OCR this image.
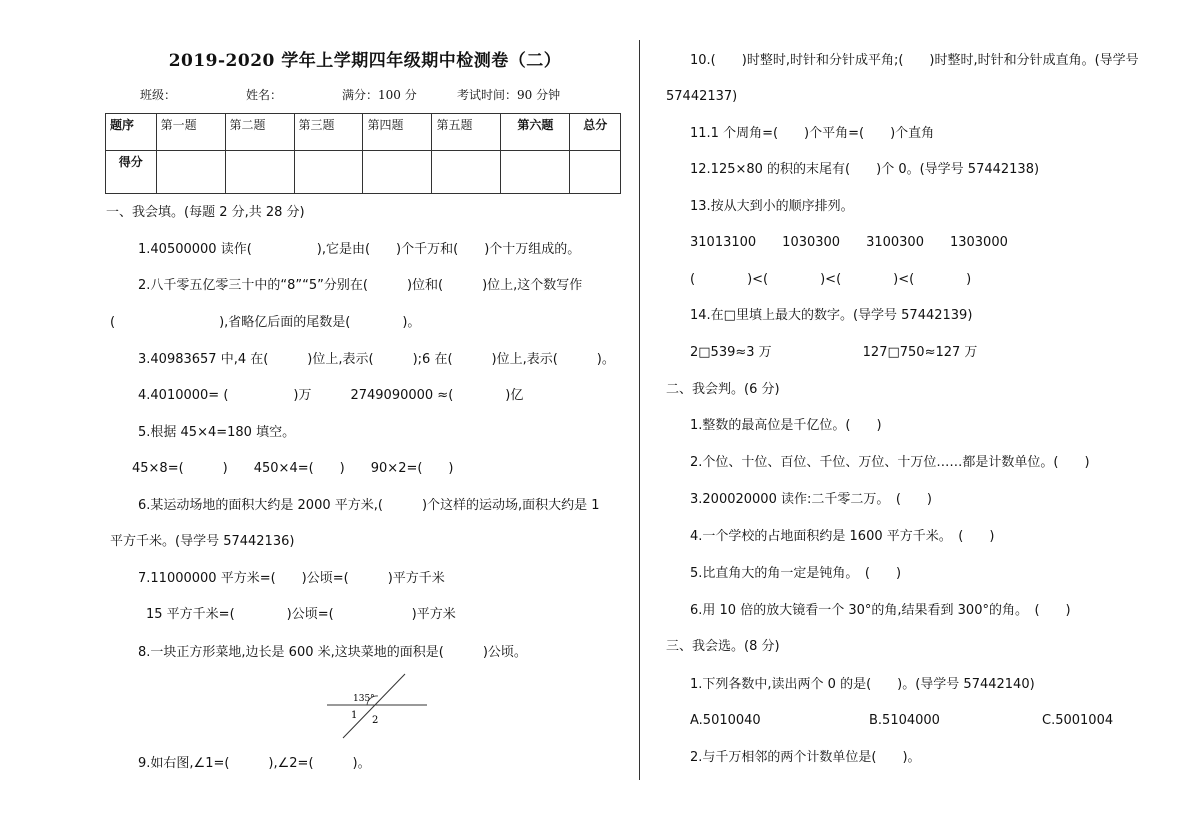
2019-2020 学年上学期四年级期中检测卷（二）
班级：	姓名：	满分：100 分	考试时间：90 分钟
题序	第一题	第二题	第三题	第四题	第五题	第六题	总分
得分							
一、我会填。(每题 2 分,共 28 分)
1.40500000 读作(　　　　　),它是由(　　)个千万和(　　)个十万组成的。
2.八千零五亿零三十中的“8”“5”分别在(　　　)位和(　　　)位上,这个数写作
(　　　　　　　　),省略亿后面的尾数是(　　　　)。
3.40983657 中,4 在(　　　)位上,表示(　　　);6 在(　　　)位上,表示(　　　)。
4.4010000= (　　　　　)万　　　2749090000 ≈(　　　　)亿
5.根据 45×4=180 填空。
45×8=(　　　)　　450×4=(　　)　　90×2=(　　)
6.某运动场地的面积大约是 2000 平方米,(　　　)个这样的运动场,面积大约是 1
平方千米。(导学号 57442136)
7.11000000 平方米=(　　)公顷=(　　　)平方千米
15 平方千米=(　　　　)公顷=(　　　　　　)平方米
8.一块正方形菜地,边长是 600 米,这块菜地的面积是(　　　)公顷。
135°
1 2
9.如右图,∠1=(　　　),∠2=(　　　)。
10.(　　)时整时,时针和分针成平角;(　　)时整时,时针和分针成直角。(导学号
57442137)
11.1 个周角=(　　)个平角=(　　)个直角
12.125×80 的积的末尾有(　　)个 0。(导学号 57442138)
13.按从大到小的顺序排列。
31013100　　1030300　　3100300　　1303000
(　　　　)<(　　　　)<(　　　　)<(　　　　)
14.在□里填上最大的数字。(导学号 57442139)
2□539≈3 万　　　　　　　127□750≈127 万
二、我会判。(6 分)
1.整数的最高位是千亿位。(　　)
2.个位、十位、百位、千位、万位、十万位……都是计数单位。(　　)
3.200020000 读作:二千零二万。　(　　)
4.一个学校的占地面积约是 1600 平方千米。　(　　)
5.比直角大的角一定是钝角。　(　　)
6.用 10 倍的放大镜看一个 30°的角,结果看到 300°的角。　(　　)
三、我会选。(8 分)
1.下列各数中,读出两个 0 的是(　　)。(导学号 57442140)
A.5010040	B.5104000	C.5001004
2.与千万相邻的两个计数单位是(　　)。
